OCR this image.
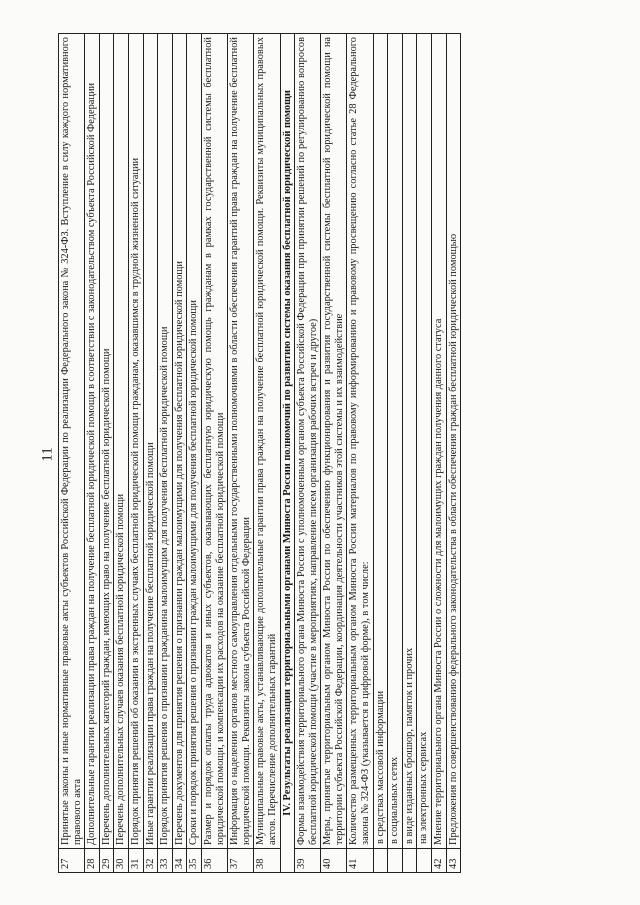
11
27	Принятые законы и иные нормативные правовые акты субъектов Российской Федерации по реализации Федерального закона № 324-ФЗ. Вступление в силу каждого нормативного правового акта
28	Дополнительные гарантии реализации права граждан на получение бесплатной юридической помощи в соответствии с законодательством субъекта Российской Федерации
29	Перечень дополнительных категорий граждан, имеющих право на получение бесплатной юридической помощи
30	Перечень дополнительных случаев оказания бесплатной юридической помощи
31	Порядок принятия решений об оказании в экстренных случаях бесплатной юридической помощи гражданам, оказавшимся в трудной жизненной ситуации
32	Иные гарантии реализации права граждан на получение бесплатной юридической помощи
33	Порядок принятия решения о признании гражданина малоимущим для получения бесплатной юридической помощи
34	Перечень документов для принятия решения о признании граждан малоимущими для получения бесплатной юридической помощи
35	Сроки и порядок принятия решения о признании граждан малоимущими для получения бесплатной юридической помощи
36	Размер и порядок оплаты труда адвокатов и иных субъектов, оказывающих бесплатную юридическую помощь гражданам в рамках государственной системы бесплатной юридической помощи, и компенсации их расходов на оказание бесплатной юридической помощи
37	Информация о наделении органов местного самоуправления отдельными государственными полномочиями в области обеспечения гарантий права граждан на получение бесплатной юридической помощи. Реквизиты закона субъекта Российской Федерации
38	Муниципальные правовые акты, устанавливающие дополнительные гарантии права граждан на получение бесплатной юридической помощи. Реквизиты муниципальных правовых актов. Перечисление дополнительных гарантий
IV. Результаты реализации территориальными органами Минюста России полномочий по развитию системы оказания бесплатной юридической помощи	
39	Формы взаимодействия территориального органа Минюста России с уполномоченным органом субъекта Российской Федерации при принятии решений по регулированию вопросов бесплатной юридической помощи (участие в мероприятиях, направление писем организация рабочих встреч и другое)
40	Меры, принятые территориальным органом Минюста России по обеспечению функционирования и развития государственной системы бесплатной юридической помощи на территории субъекта Российской Федерации, координация деятельности участников этой системы и их взаимодействие
41	Количество размещенных территориальным органом Минюста России материалов по правовому информированию и правовому просвещению согласно статье 28 Федерального закона № 324-ФЗ (указывается в цифровой форме), в том числе:
	в средствах массовой информации
	в социальных сетях
	в виде изданных брошюр, памяток и прочих
	на электронных сервисах
42	Мнение территориального органа Минюста России о сложности для малоимущих граждан получения данного статуса
43	Предложения по совершенствованию федерального законодательства в области обеспечения граждан бесплатной юридической помощью
